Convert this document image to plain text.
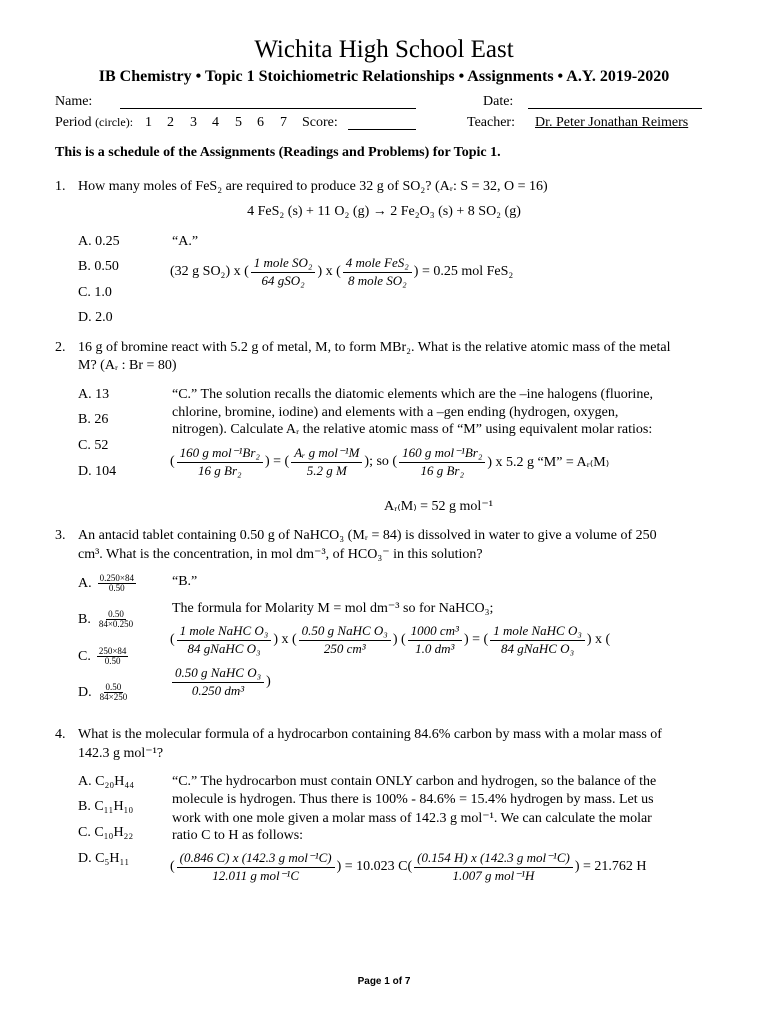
Wichita High School East
IB Chemistry • Topic 1 Stoichiometric Relationships • Assignments • A.Y. 2019-2020
Name:	Date:
Period (circle): 1 2 3 4 5 6 7 Score:	Teacher: Dr. Peter Jonathan Reimers
This is a schedule of the Assignments (Readings and Problems) for Topic 1.
1. How many moles of FeS₂ are required to produce 32 g of SO₂? (Aᵣ: S = 32, O = 16)
4 FeS₂ (s) + 11 O₂ (g) → 2 Fe₂O₃ (s) + 8 SO₂ (g)
A. 0.25
B. 0.50
C. 1.0
D. 2.0
“A.”
(32 g SO₂) x ( $\frac{\text{1 mole SO₂}}{\text{64 gSO₂}}$ ) x ( $\frac{\text{4 mole FeS₂}}{\text{8 mole SO₂}}$ ) = 0.25 mol FeS₂
2. 16 g of bromine react with 5.2 g of metal, M, to form MBr₂. What is the relative atomic mass of the metal
M? (Aᵣ : Br = 80)
A. 13
B. 26
C. 52
D. 104
“C.” The solution recalls the diatomic elements which are the –ine halogens (fluorine,
chlorine, bromine, iodine) and elements with a –gen ending (hydrogen, oxygen,
nitrogen). Calculate Aᵣ the relative atomic mass of “M” using equivalent molar ratios:
( $\frac{\text{160 g mol⁻¹Br₂}}{\text{16 g Br₂}}$ ) = ( $\frac{\text{Aᵣ g mol⁻¹M}}{\text{5.2 g M}}$ ); so ( $\frac{\text{160 g mol⁻¹Br₂}}{\text{16 g Br₂}}$ ) x 5.2 g “M” = Aᵣ₍M₎
Aᵣ₍M₎ = 52 g mol⁻¹
3. An antacid tablet containing 0.50 g of NaHCO₃ (Mᵣ = 84) is dissolved in water to give a volume of 250
cm³. What is the concentration, in mol dm⁻³, of HCO₃⁻ in this solution?
A. $\frac{0.250\times 84}{0.50}$
B. $\frac{0.50}{84\times 0.250}$
C. $\frac{250\times 84}{0.50}$
D. $\frac{0.50}{84\times 250}$
“B.”
The formula for Molarity M = mol dm⁻³ so for NaHCO₃;
( $\frac{\text{1 mole NaHC O₃}}{\text{84 gNaHC O₃}}$ ) x ( $\frac{\text{0.50 g NaHC O₃}}{\text{250 cm³}}$ ) ( $\frac{\text{1000 cm³}}{\text{1.0 dm³}}$ ) = ( $\frac{\text{1 mole NaHC O₃}}{\text{84 gNaHC O₃}}$ ) x (
$\frac{\text{0.50 g NaHC O₃}}{\text{0.250 dm³}}$ )
4. What is the molecular formula of a hydrocarbon containing 84.6% carbon by mass with a molar mass of
142.3 g mol⁻¹?
A. C₂₀H₄₄
B. C₁₁H₁₀
C. C₁₀H₂₂
D. C₅H₁₁
“C.” The hydrocarbon must contain ONLY carbon and hydrogen, so the balance of the
molecule is hydrogen. Thus there is 100% - 84.6% = 15.4% hydrogen by mass. Let us
work with one mole given a molar mass of 142.3 g mol⁻¹. We can calculate the molar
ratio C to H as follows:
( $\frac{\text{(0.846 C) x (142.3 g mol⁻¹C)}}{\text{12.011 g mol⁻¹C}}$ ) = 10.023 $C( \frac{\text{(0.154 H) x (142.3 g mol⁻¹C)}}{\text{1.007 g mol⁻¹H}}$ ) = 21.762 H
Page 1 of 7
